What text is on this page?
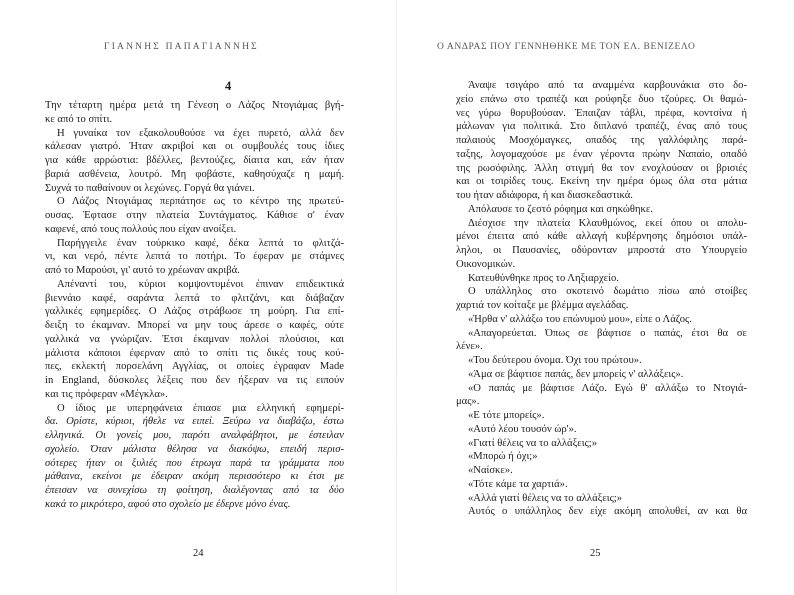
ΓΙΑΝΝΗΣ ΠΑΠΑΓΙΑΝΝΗΣ
4
Την τέταρτη ημέρα μετά τη Γένεση ο Λάζος Ντογιάμας βγή-
κε από το σπίτι.
Η γυναίκα τον εξακολουθούσε να έχει πυρετό, αλλά δεν
κάλεσαν γιατρό. Ήταν ακριβοί και οι συμβουλές τους ίδιες
για κάθε αρρώστια: βδέλλες, βεντούζες, δίαιτα και, εάν ήταν
βαριά ασθένεια, λουτρό. Μη φοβάστε, καθησύχαζε η μαμή.
Συχνά το παθαίνουν οι λεχώνες. Γοργά θα γιάνει.
Ο Λάζος Ντογιάμας περπάτησε ως το κέντρο της πρωτεύ-
ουσας. Έφτασε στην πλατεία Συντάγματος. Κάθισε σ' έναν
καφενέ, από τους πολλούς που είχαν ανοίξει.
Παρήγγειλε έναν τούρκικο καφέ, δέκα λεπτά το φλιτζά-
νι, και νερό, πέντε λεπτά το ποτήρι. Το έφεραν με στάμνες
από το Μαρούσι, γι' αυτό το χρέωναν ακριβά.
Απέναντί του, κύριοι κομψοντυμένοι έπιναν επιδεικτικά
βιεννάιο καφέ, σαράντα λεπτά το φλιτζάνι, και διάβαζαν
γαλλικές εφημερίδες. Ο Λάζος στράβωσε τη μούρη. Για επί-
δειξη το έκαμναν. Μπορεί να μην τους άρεσε ο καφές, ούτε
γαλλικά να γνώριζαν. Έτσι έκαμναν πολλοί πλούσιοι, και
μάλιστα κάποιοι έφερναν από το σπίτι τις δικές τους κού-
πες, εκλεκτή πορσελάνη Αγγλίας, οι οποίες έγραφαν Made
in England, δύσκολες λέξεις που δεν ήξεραν να τις ειπούν
και τις πρόφεραν «Μέγκλα».
Ο ίδιος με υπερηφάνεια έπιασε μια ελληνική εφημερί-
δα. Ορίστε, κύριοι, ήθελε να ειπεί. Ξεύρω να διαβάζω, έστω
ελληνικά. Οι γονείς μου, παρότι αναλφάβητοι, με έστειλαν
σχολείο. Όταν μάλιστα θέλησα να διακόψω, επειδή περισ-
σότερες ήταν οι ξυλιές που έτρωγα παρά τα γράμματα που
μάθαινα, εκείνοι με έδειραν ακόμη περισσότερο κι έτσι με
έπεισαν να συνεχίσω τη φοίτηση, διαλέγοντας από τα δύο
κακά το μικρότερο, αφού στο σχολείο με έδερνε μόνο ένας.
24
Ο ΑΝΔΡΑΣ ΠΟΥ ΓΕΝΝΗΘΗΚΕ ΜΕ ΤΟΝ ΕΛ. ΒΕΝΙΖΕΛΟ
Άναψε τσιγάρο από τα αναμμένα καρβουνάκια στο δο-
χείο επάνω στο τραπέζι και ρούφηξε δυο τζούρες. Οι θαμώ-
νες γύρω θορυβούσαν. Έπαιζαν τάβλι, πρέφα, κοντσίνα ή
μάλωναν για πολιτικά. Στο διπλανό τραπέζι, ένας από τους
παλαιούς Μοσχόμαγκες, οπαδός της γαλλόφιλης παρά-
ταξης, λογομαχούσε με έναν γέροντα πρώην Ναπαίο, οπαδό
της ρωσόφιλης. Άλλη στιγμή θα τον ενοχλούσαν οι βρισιές
και οι τσιρίδες τους. Εκείνη την ημέρα όμως όλα στα μάτια
του ήταν αδιάφορα, ή και διασκεδαστικά.
Απόλαυσε το ζεστό ρόφημα και σηκώθηκε.
Διέσχισε την πλατεία Κλαυθμώνος, εκεί όπου οι απολυ-
μένοι έπειτα από κάθε αλλαγή κυβέρνησης δημόσιοι υπάλ-
ληλοι, οι Παυσανίες, οδύρονταν μπροστά στο Υπουργείο
Οικονομικών.
Κατευθύνθηκε προς το Ληξιαρχείο.
Ο υπάλληλος στο σκοτεινό δωμάτιο πίσω από στοίβες
χαρτιά τον κοίταξε με βλέμμα αγελάδας.
«Ήρθα ν' αλλάξω του επώνυμού μου», είπε ο Λάζος.
«Απαγορεύεται. Όπως σε βάφτισε ο παπάς, έτσι θα σε
λένε».
«Του δεύτερου όνομα. Όχι του πρώτου».
«Άμα σε βάφτισε παπάς, δεν μπορείς ν' αλλάξεις».
«Ο παπάς με βάφτισε Λάζο. Εγώ θ' αλλάξω το Ντογιά-
μας».
«Ε τότε μπορείς».
«Αυτό λέου τουσόν ώρ'».
«Γιατί θέλεις να το αλλάξεις;»
«Μπορώ ή όχι;»
«Ναίσκε».
«Τότε κάμε τα χαρτιά».
«Αλλά γιατί θέλεις να το αλλάξεις;»
Αυτός ο υπάλληλος δεν είχε ακόμη απολυθεί, αν και θα
25
